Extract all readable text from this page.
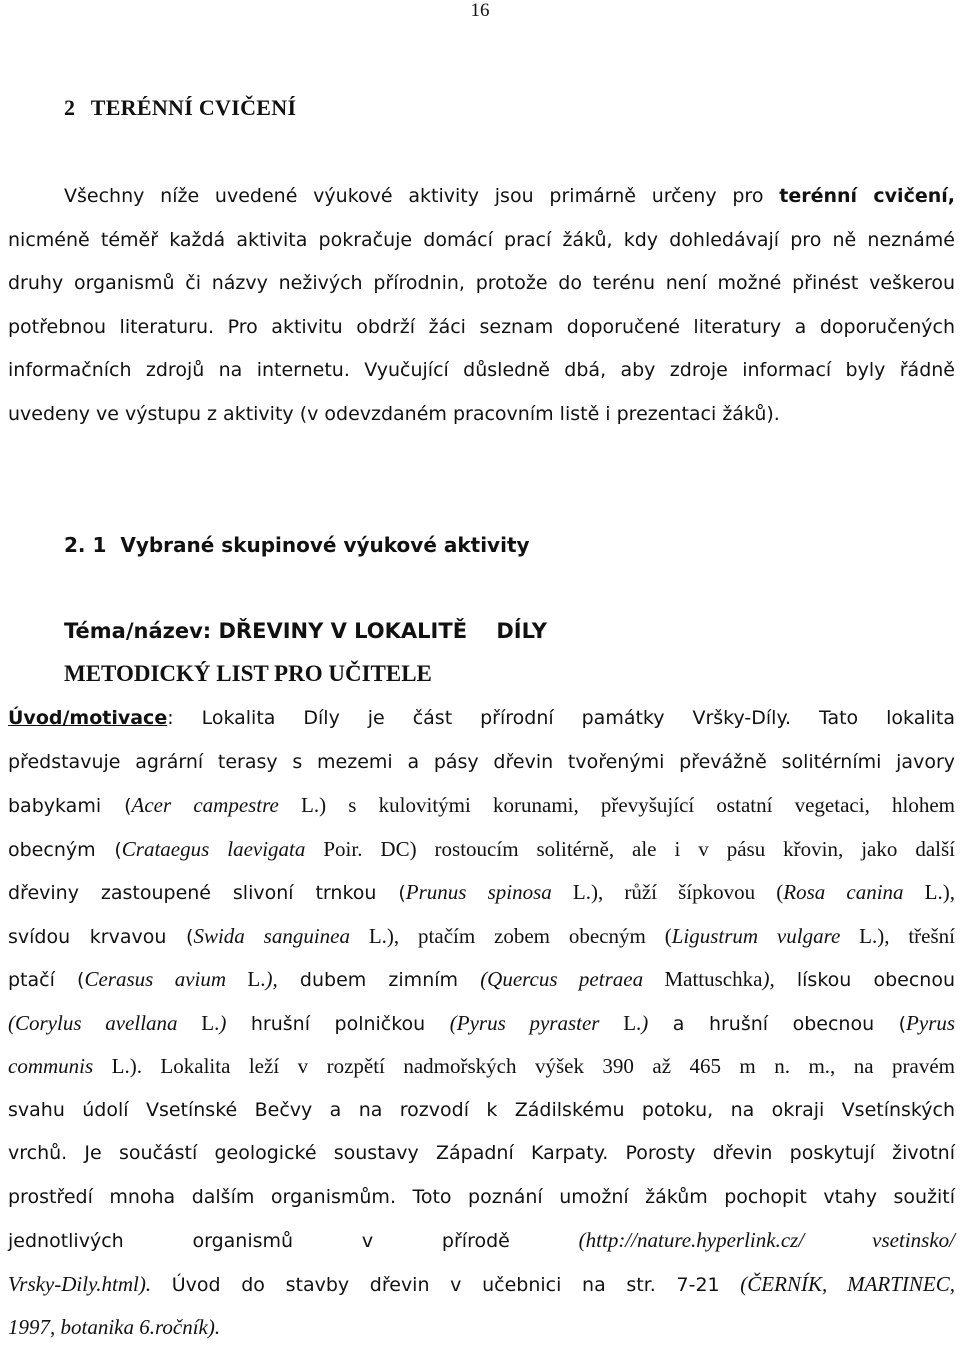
16
2 TERÉNNÍ CVIČENÍ
Všechny níže uvedené výukové aktivity jsou primárně určeny pro terénní cvičení,
nicméně téměř každá aktivita pokračuje domácí prací žáků, kdy dohledávají pro ně neznámé
druhy organismů či názvy neživých přírodnin, protože do terénu není možné přinést veškerou
potřebnou literaturu. Pro aktivitu obdrží žáci seznam doporučené literatury a doporučených
informačních zdrojů na internetu. Vyučující důsledně dbá, aby zdroje informací byly řádně
uvedeny ve výstupu z aktivity (v odevzdaném pracovním listě i prezentaci žáků).
2. 1 Vybrané skupinové výukové aktivity
Téma/název: DŘEVINY V LOKALITĚ DÍLY
METODICKÝ LIST PRO UČITELE
Úvod/motivace: Lokalita Díly je část přírodní památky Vršky-Díly. Tato lokalita
představuje agrární terasy s mezemi a pásy dřevin tvořenými převážně solitérními javory
babykami (Acer campestre L.) s kulovitými korunami, převyšující ostatní vegetaci, hlohem
obecným (Crataegus laevigata Poir. DC) rostoucím solitérně, ale i v pásu křovin, jako další
dřeviny zastoupené slivoní trnkou (Prunus spinosa L.), růží šípkovou (Rosa canina L.),
svídou krvavou (Swida sanguinea L.), ptačím zobem obecným (Ligustrum vulgare L.), třešní
ptačí (Cerasus avium L.), dubem zimním (Quercus petraea Mattuschka), lískou obecnou
(Corylus avellana L.) hrušní polničkou (Pyrus pyraster L.) a hrušní obecnou (Pyrus
communis L.). Lokalita leží v rozpětí nadmořských výšek 390 až 465 m n. m., na pravém
svahu údolí Vsetínské Bečvy a na rozvodí k Zádilskému potoku, na okraji Vsetínských
vrchů. Je součástí geologické soustavy Západní Karpaty. Porosty dřevin poskytují životní
prostředí mnoha dalším organismům. Toto poznání umožní žákům pochopit vtahy soužití
jednotlivých organismů v přírodě (http://nature.hyperlink.cz/ vsetinsko/
Vrsky-Dily.html). Úvod do stavby dřevin v učebnici na str. 7-21 (ČERNÍK, MARTINEC,
1997, botanika 6.ročník).
